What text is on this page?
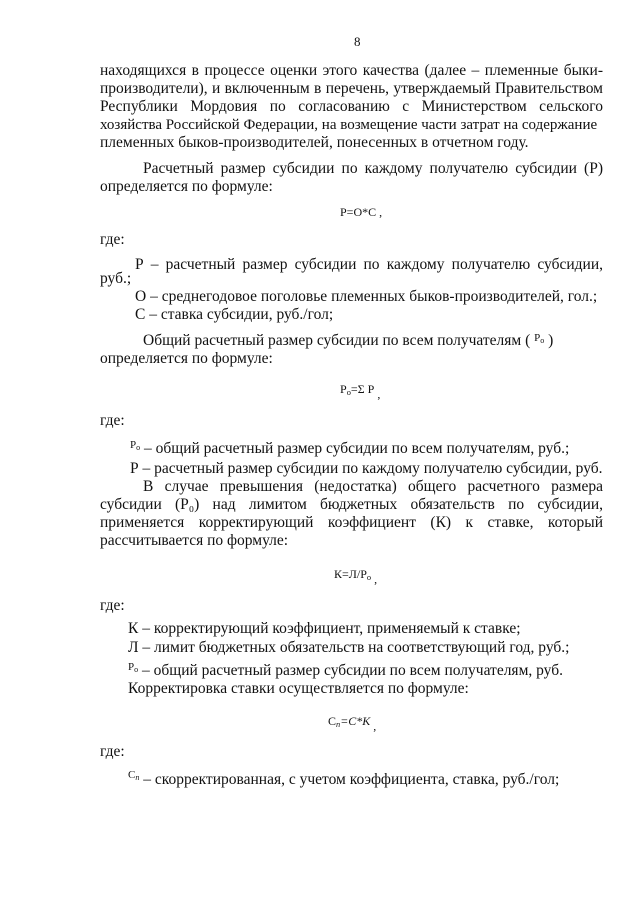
8
находящихся в процессе оценки этого качества (далее – племенные быки-
производители), и включенным в перечень, утверждаемый Правительством
Республики Мордовия по согласованию с Министерством сельского
хозяйства Российской Федерации, на возмещение части затрат на содержание
племенных быков-производителей, понесенных в отчетном году.
Расчетный размер субсидии по каждому получателю субсидии (Р)
определяется по формуле:
Р=О*С ,
где:
Р – расчетный размер субсидии по каждому получателю субсидии,
руб.;
О – среднегодовое поголовье племенных быков-производителей, гол.;
С – ставка субсидии, руб./гол;
Общий расчетный размер субсидии по всем получателям ( $^{Р_о}$ )
определяется по формуле:
$Р_о=\Sigma$ Р ,
где:
$^{Р_о}$ – общий расчетный размер субсидии по всем получателям, руб.;
Р – расчетный размер субсидии по каждому получателю субсидии, руб.
В случае превышения (недостатка) общего расчетного размера
субсидии (Р₀) над лимитом бюджетных обязательств по субсидии,
применяется корректирующий коэффициент (К) к ставке, который
рассчитывается по формуле:
$К=Л/Р_о$ ,
где:
К – корректирующий коэффициент, применяемый к ставке;
Л – лимит бюджетных обязательств на соответствующий год, руб.;
$^{Р_о}$ – общий расчетный размер субсидии по всем получателям, руб.
Корректировка ставки осуществляется по формуле:
$С_п=С*К$ ,
где:
$^{С_п}$ – скорректированная, с учетом коэффициента, ставка, руб./гол;
